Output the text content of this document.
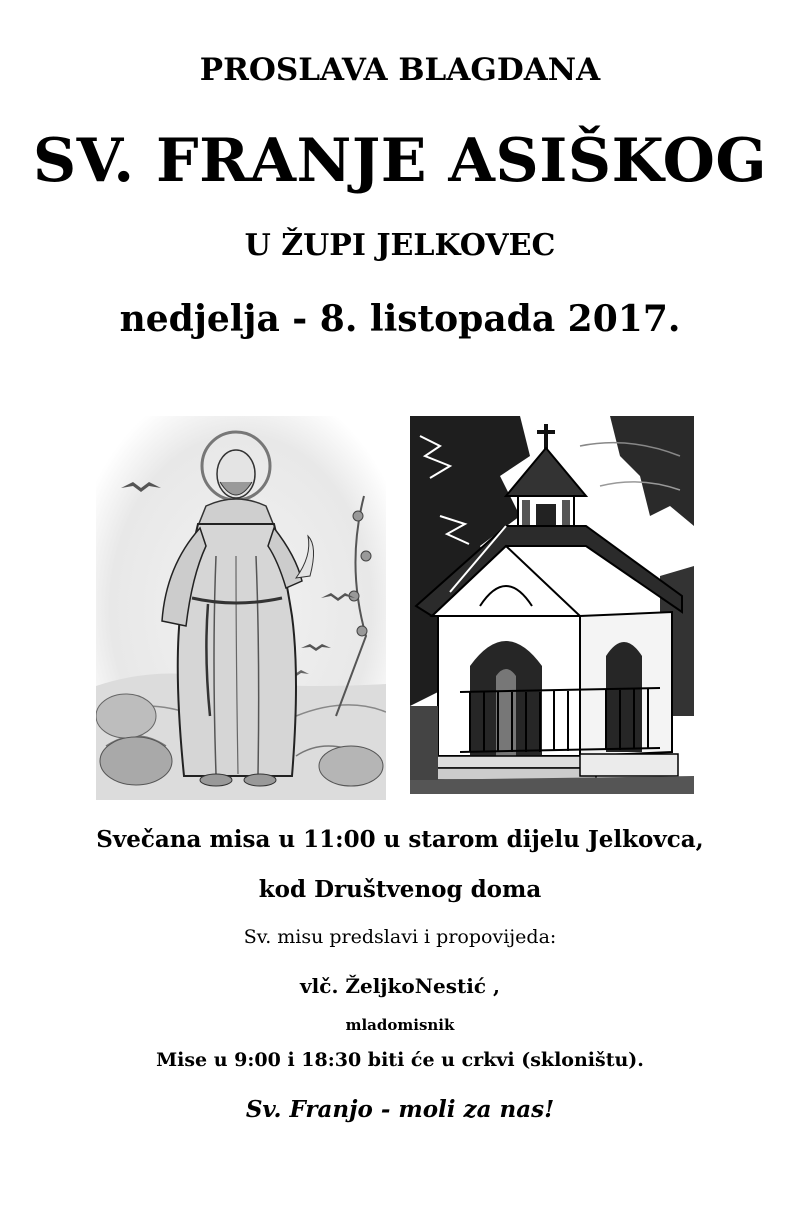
PROSLAVA BLAGDANA
SV. FRANJE ASIŠKOG
U ŽUPI JELKOVEC
nedjelja - 8. listopada 2017.
Svečana misa u 11:00 u starom dijelu Jelkovca,
kod Društvenog doma
Sv. misu predslavi i propovijeda:
vlč. ŽeljkoNestić ,
mladomisnik
Mise u 9:00 i 18:30 biti će u crkvi (skloništu).
Sv. Franjo - moli za nas!
